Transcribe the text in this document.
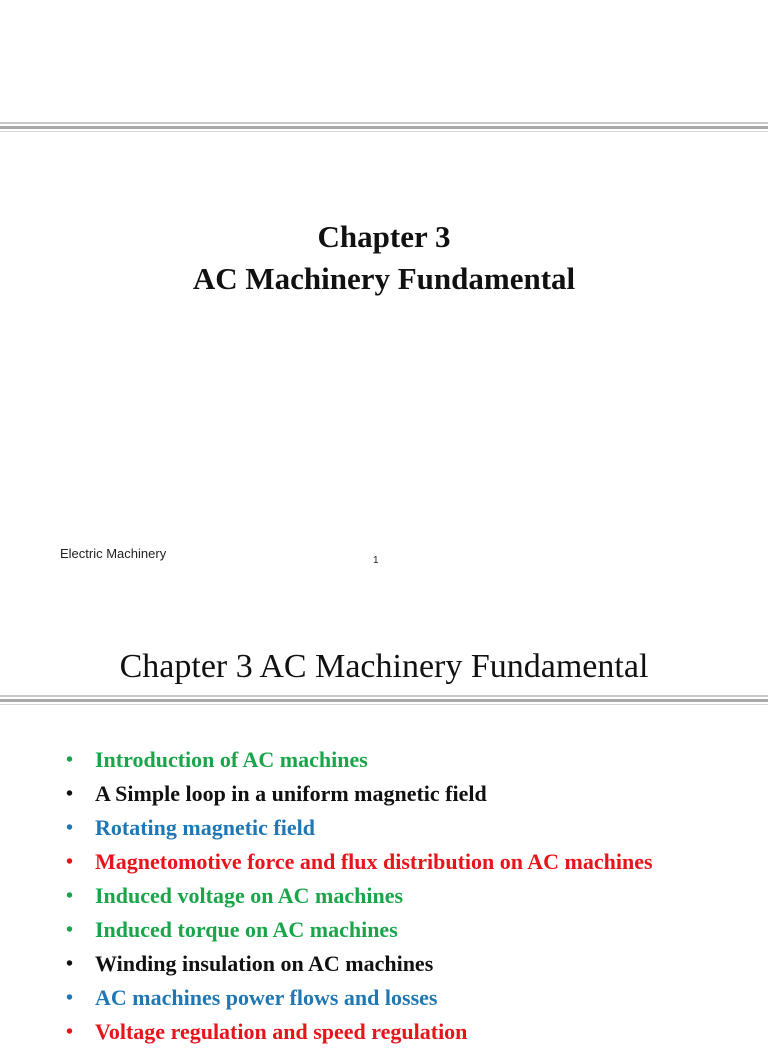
Chapter 3
AC Machinery Fundamental
Electric Machinery	1
Chapter 3 AC Machinery Fundamental
• Introduction of AC machines
• A Simple loop in a uniform magnetic field
• Rotating magnetic field
• Magnetomotive force and flux distribution on AC machines
• Induced voltage on AC machines
• Induced torque on AC machines
• Winding insulation on AC machines
• AC machines power flows and losses
• Voltage regulation and speed regulation
